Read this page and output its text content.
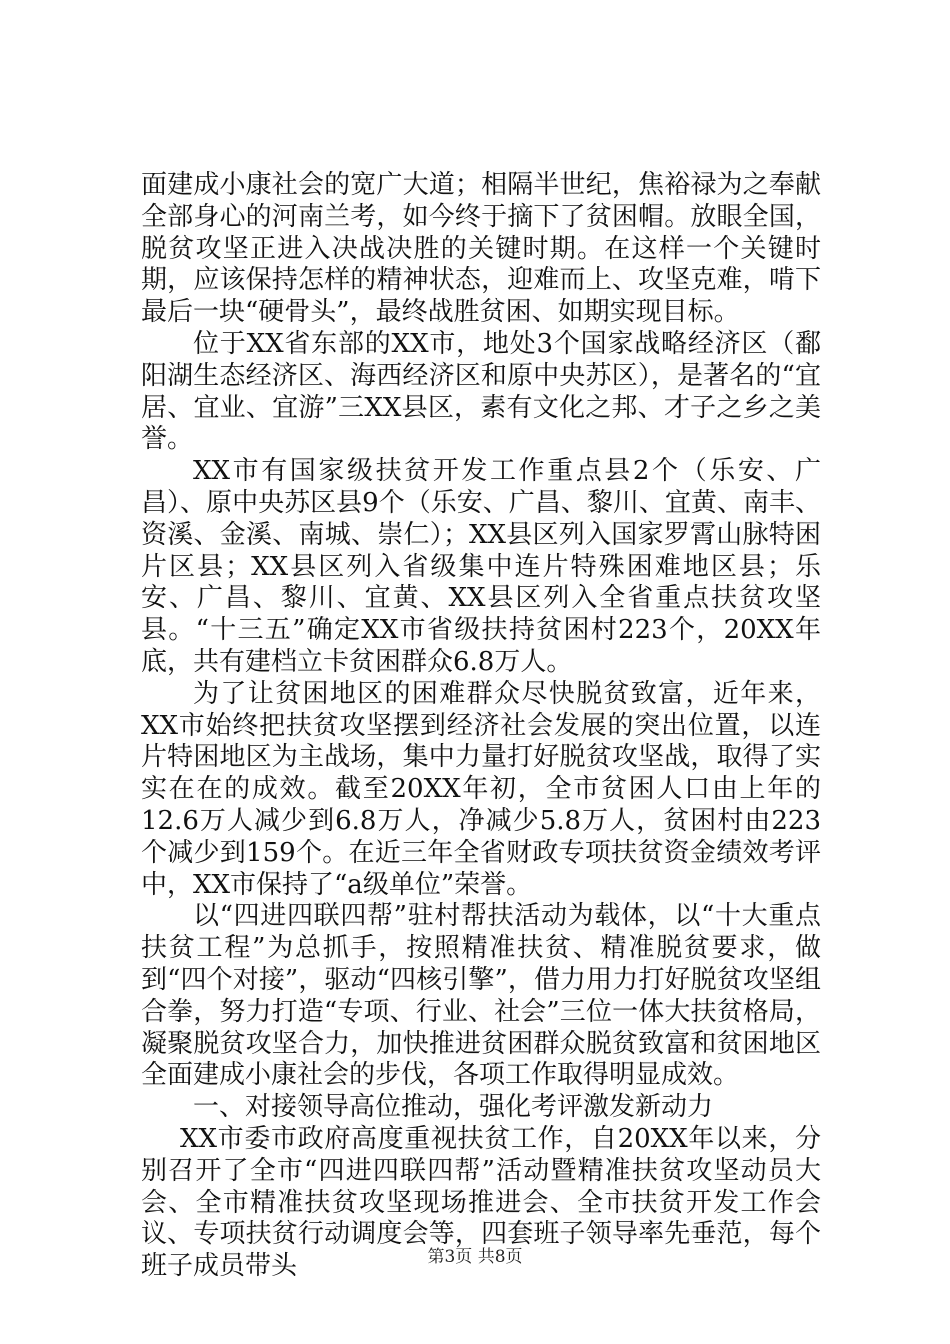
面建成小康社会的宽广大道；相隔半世纪，焦裕禄为之奉献全部身心的河南兰考，如今终于摘下了贫困帽。放眼全国，脱贫攻坚正进入决战决胜的关键时期。在这样一个关键时期，应该保持怎样的精神状态，迎难而上、攻坚克难，啃下最后一块“硬骨头”，最终战胜贫困、如期实现目标。

位于XX省东部的XX市，地处3个国家战略经济区（鄱阳湖生态经济区、海西经济区和原中央苏区），是著名的“宜居、宜业、宜游”三XX县区，素有文化之邦、才子之乡之美誉。

XX市有国家级扶贫开发工作重点县2个（乐安、广昌）、原中央苏区县9个（乐安、广昌、黎川、宜黄、南丰、资溪、金溪、南城、崇仁）；XX县区列入国家罗霄山脉特困片区县；XX县区列入省级集中连片特殊困难地区县；乐安、广昌、黎川、宜黄、XX县区列入全省重点扶贫攻坚县。“十三五”确定XX市省级扶持贫困村223个，20XX年底，共有建档立卡贫困群众6.8万人。

为了让贫困地区的困难群众尽快脱贫致富，近年来，XX市始终把扶贫攻坚摆到经济社会发展的突出位置，以连片特困地区为主战场，集中力量打好脱贫攻坚战，取得了实实在在的成效。截至20XX年初，全市贫困人口由上年的12.6万人减少到6.8万人，净减少5.8万人，贫困村由223个减少到159个。在近三年全省财政专项扶贫资金绩效考评中，XX市保持了“a级单位”荣誉。

以“四进四联四帮”驻村帮扶活动为载体，以“十大重点扶贫工程”为总抓手，按照精准扶贫、精准脱贫要求，做到“四个对接”，驱动“四核引擎”，借力用力打好脱贫攻坚组合拳，努力打造“专项、行业、社会”三位一体大扶贫格局，凝聚脱贫攻坚合力，加快推进贫困群众脱贫致富和贫困地区全面建成小康社会的步伐，各项工作取得明显成效。

一、对接领导高位推动，强化考评激发新动力

XX市委市政府高度重视扶贫工作，自20XX年以来，分别召开了全市“四进四联四帮”活动暨精准扶贫攻坚动员大会、全市精准扶贫攻坚现场推进会、全市扶贫开发工作会议、专项扶贫行动调度会等，四套班子领导率先垂范，每个班子成员带头	第3页 共8页
